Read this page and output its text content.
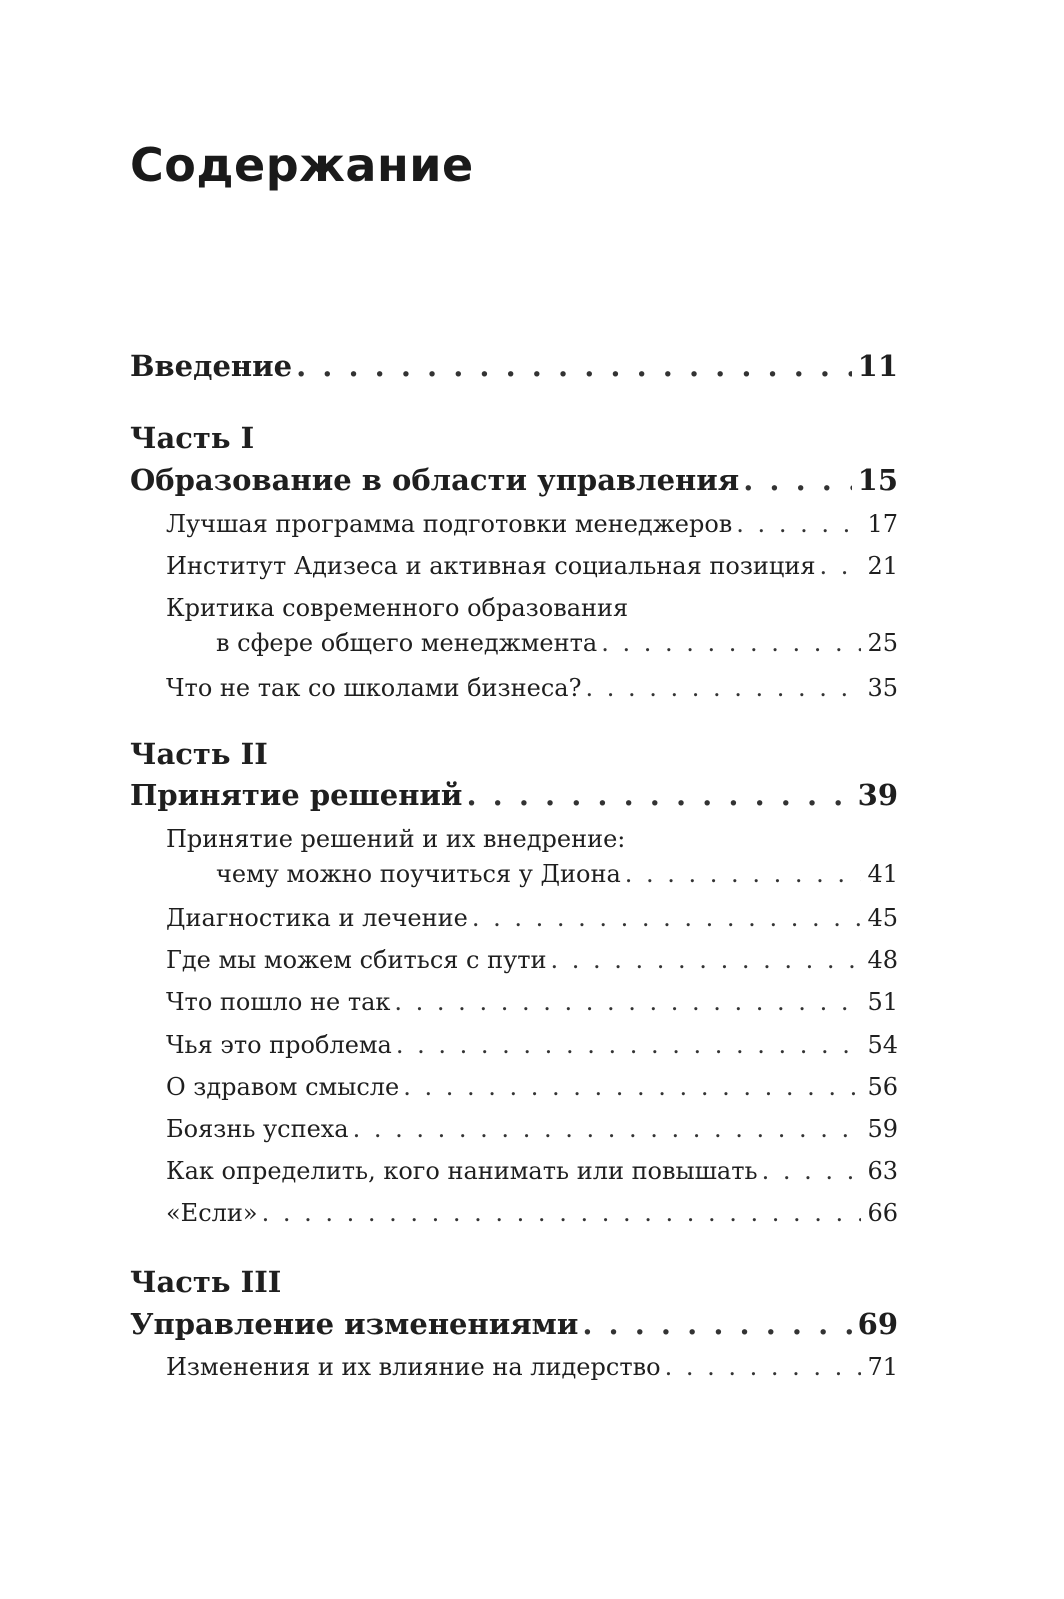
Содержание
Введение . . .	11
Часть I
Образование в области управления . . .	15
Лучшая программа подготовки менеджеров . . .	17
Институт Адизеса и активная социальная позиция . . . 21
Критика современного образования
в сфере общего менеджмента . . .	25
Что не так со школами бизнеса? . . .	35
Часть II
Принятие решений . . .	39
Принятие решений и их внедрение:
чему можно поучиться у Диона . . .	41
Диагностика и лечение . . .	45
Где мы можем сбиться с пути . . .	48
Что пошло не так . . .	51
Чья это проблема . . .	54
О здравом смысле . . .	56
Боязнь успеха . . .	59
Как определить, кого нанимать или повышать . . .	63
«Если» . . .	66
Часть III
Управление изменениями . . .	69
Изменения и их влияние на лидерство . . .	71
